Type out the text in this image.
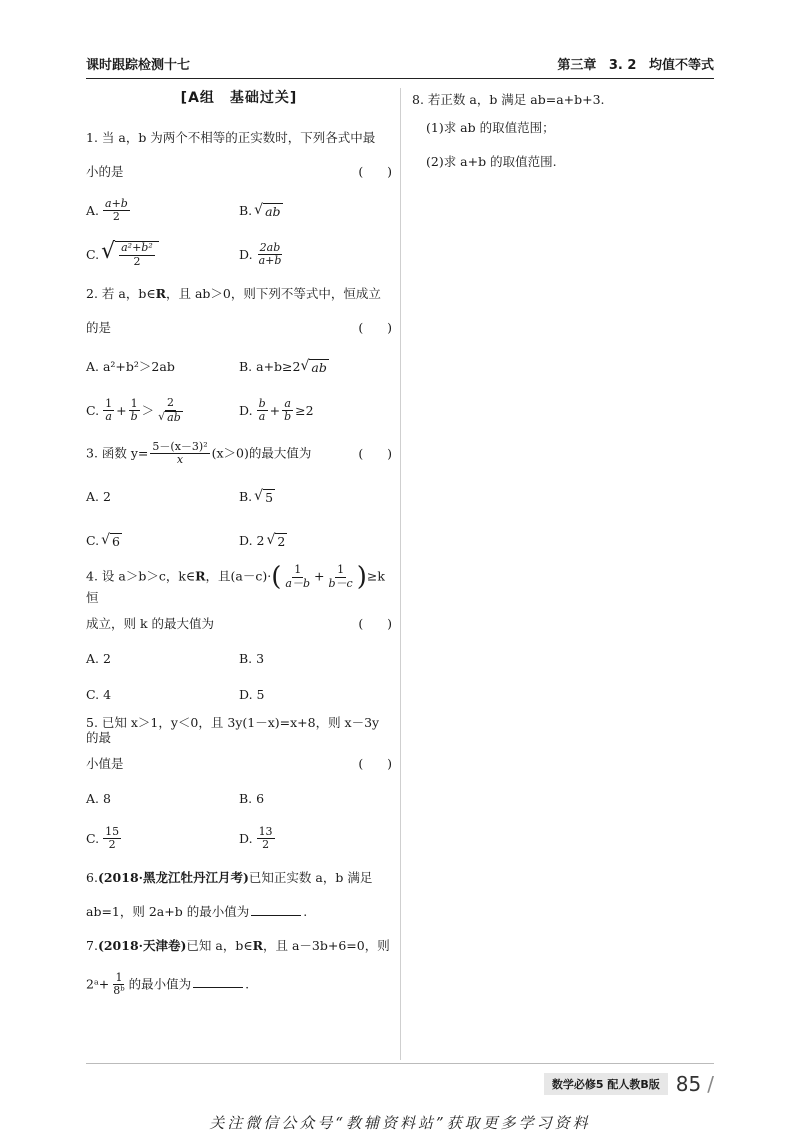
课时跟踪检测十七	第三章 3. 2 均值不等式
[A组　基础过关]
1. 当 a，b 为两个不相等的正实数时，下列各式中最
小的是	(      )
A. $\frac{a+b}{2}$	B. √ ab
C. √ $\frac{\text{a²+b²}}{2}$	D. $\frac{2ab}{a+b}$
2. 若 a，b∈R，且 ab＞0，则下列不等式中，恒成立
的是	(      )
A. a²+b²＞2ab	B. a+b≥2 √ ab
C. $\frac{1}{a} + \frac{1}{b} > \frac{2}{√ ab}$	D. $\frac{b}{a} + \frac{a}{b} \ge 2$
3. 函数 $y= \frac{\text{5－(x－3)²}}{x} (x>0)$的最大值为	(      )
A. 2	B. √ 5
C. √ 6	D. 2 √ 2
4. 设 a＞b＞c，k∈R，且$(a-c)\cdot( \frac{1}{a-b} + \frac{1}{b-c} )\ge k$ 恒
成立，则 k 的最大值为	(      )
A. 2	B. 3
C. 4	D. 5
5. 已知 x＞1，y＜0，且 3y(1－x)=x+8，则 x－3y 的最
小值是	(      )
A. 8	B. 6
C. $\frac{15}{2}$	D. $\frac{13}{2}$
6.(2018·黑龙江牡丹江月考)已知正实数 a，b 满足
ab=1，则 2a+b 的最小值为	.
7.(2018·天津卷)已知 a，b∈R，且 a－3b+6=0，则
2ᵃ+ $\frac{1}{\text{8ᵇ}}$ 的最小值为	.
8. 若正数 a，b 满足 ab=a+b+3.
(1)求 ab 的取值范围；
(2)求 a+b 的取值范围.
数学必修5 配人教B版 85 /
关注微信公众号“教辅资料站”获取更多学习资料
